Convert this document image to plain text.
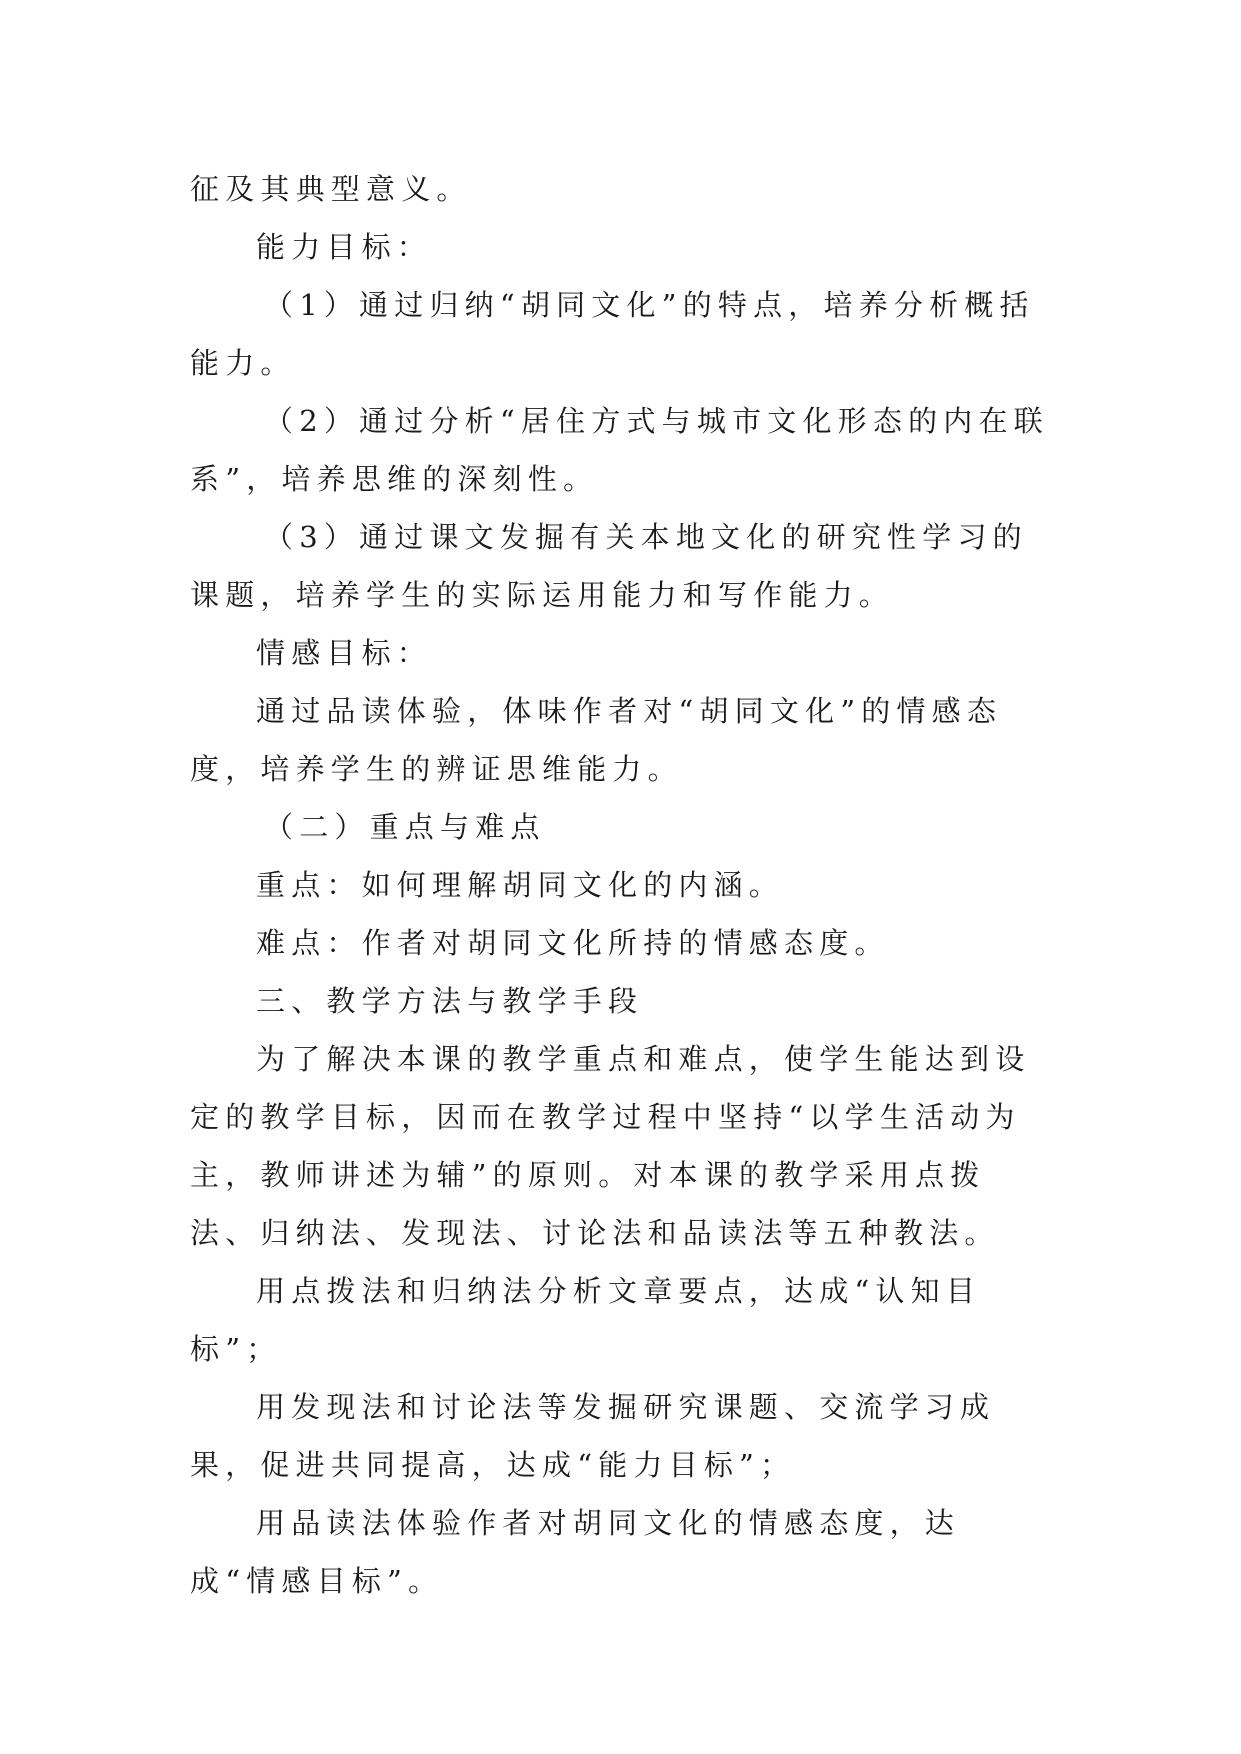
征及其典型意义。

能力目标：

（1）通过归纳“胡同文化”的特点，培养分析概括能力。

（2）通过分析“居住方式与城市文化形态的内在联系”，培养思维的深刻性。

（3）通过课文发掘有关本地文化的研究性学习的课题，培养学生的实际运用能力和写作能力。

情感目标：

通过品读体验，体味作者对“胡同文化”的情感态度，培养学生的辨证思维能力。

（二）重点与难点

重点：如何理解胡同文化的内涵。

难点：作者对胡同文化所持的情感态度。

三、教学方法与教学手段

为了解决本课的教学重点和难点，使学生能达到设定的教学目标，因而在教学过程中坚持“以学生活动为主，教师讲述为辅”的原则。对本课的教学采用点拨法、归纳法、发现法、讨论法和品读法等五种教法。

用点拨法和归纳法分析文章要点，达成“认知目标”；

用发现法和讨论法等发掘研究课题、交流学习成果，促进共同提高，达成“能力目标”；

用品读法体验作者对胡同文化的情感态度，达成“情感目标”。
